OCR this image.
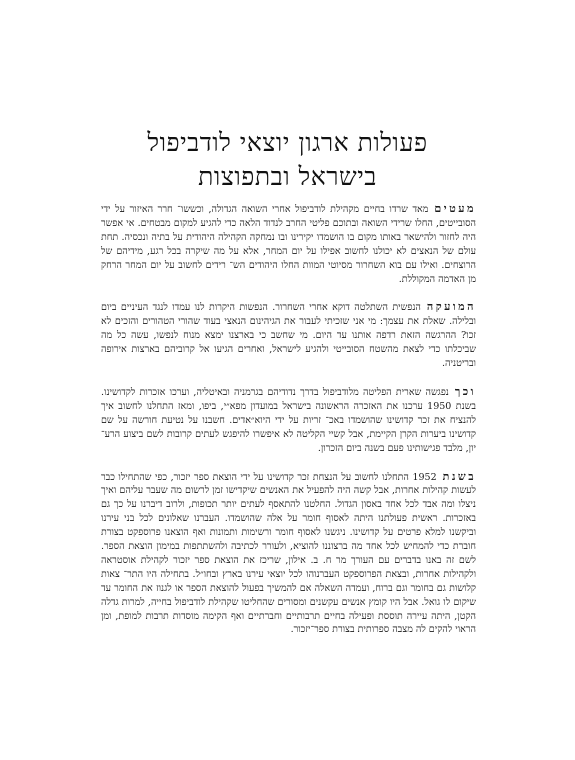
פעולות ארגון יוצאי לודביפול
בישראל ובתפוצות

מעטיםמאד שרדו בחיים מקהילת לודביפול אחרי השואה הגדולה, וכששו־ חרר האיזור על ידי הסובייטים, החלו שרידי השואה ובתוכם פליטי החרב לנדוד הלאה כדי להגיע למקום מבטחים. אי אפשר היה לחזור ולהישאר באותו מקום בו הושמדו יקירינו ובו נמחקה הקהילה היהודית על בתיה ונכסיה. תחת עולם של הנאצים לא יכולנו לחשוב אפילו על יום המחר, אלא על מה שיקרה בכל רגע, מידיהם של הרוצחים. ואילו עם בוא השחרור מסיוטי המוות החלו היהודים הש־ רידים לחשוב על יום המחר הרחק מן האדמה המקוללת.

המועקההנפשית השתלטה דוקא אחרי השחרור. הנפשות היקרות לנו עמדו לנגד העיניים ביום ובלילה. שאלת את עצמך: מי אני שזכיתי לעבור את הגיהינום הנאצי בעוד שהורי הטהורים והזכים לא זכו? ההרגשה הזאת רדפה אותנו עד היום. מי שחשב כי בארצנו ימצא מנוח לנפשו, עשה כל מה שביכלתו כדי לצאת מהשטח הסובייטי ולהגיע לישראל, ואחרים הגיעו אל קרוביהם בארצות אירופה ובריטניה.

וכךנפגשה שארית הפליטה מלודביפול בדרך נדודיהם בגרמניה ובאיטליה, וערכו אזכרות לקדושינו. בשנת 1950 ערכנו את האזכרה הראשונה בישראל במועדון מפא״י, ביפו, ומאז התחלנו לחשוב איך להנציח את זכר קדושינו שהושמדו באכ־ זריות על ידי היוא״אדים. חשבנו על נטיעת חורשה על שם קדושינו ביערות הקרן הקיימת, אבל קשיי הקליטה לא איפשרו להיפגש לעתים קרובות לשם ביצוע הרע־ יון, מלבד פגישותינו פעם בשנה ביום הזכרון.

בשנת1952 התחלנו לחשוב על הנצחת זכר קדושינו על ידי הוצאת ספר יזכור, כפי שהתחילו כבר לעשות קהילות אחרות, אבל קשה היה להפעיל את האנשים שיקדישו זמן לרשום מה שעבר עליהם ואיך ניצלו ומה אבד לכל אחד באסון הגדול. החלטנו להתאסף לעתים יותר תכופות, ולרוב דיברנו על כך גם באזכרות. ראשית פעולתנו היתה לאסוף חומר על אלה שהושמדו. העברנו שאלונים לכל בני עירנו וביקשנו למלא פרטים על קדושינו. ניגשנו לאסוף חומר ורשימות ותמונות ואף הוצאנו פרוספקט בצורת חוברת כדי להמחיש לכל אחד מה ברצוננו להוציא, ולעורר לכתיבה ולהשתתפות במימון הוצאת הספר. לשם זה באנו בדברים עם העורך מר ח. ב. אילון, שריכז את הוצאת ספר יזכור לקהילת אוסטראה ולקהילות אחרות, ובצאת הפרוספקט העברנוהו לכל יוצאי עירנו בארץ ובחו״ל. בתחילה היו התר־ צאות קלושות גם בחומר וגם ברוח, ועמדה השאלה אם להמשיך בפעול להוצאת הספר או לגנוז את החומר עד שיקום לו גואל. אבל היו קומץ אנשים עקשנים ומסורים שהחליטו שקהילת לודביפול בחייה, למרות גדלה הקטן, היתה עיירה תוססת ופעילה בחיים תרבותיים וחברתיים ואף הקימה מוסדות תרבות למופת, ומן הראוי להקים לה מצבה ספרותית בצורת ספר־יזכור.
